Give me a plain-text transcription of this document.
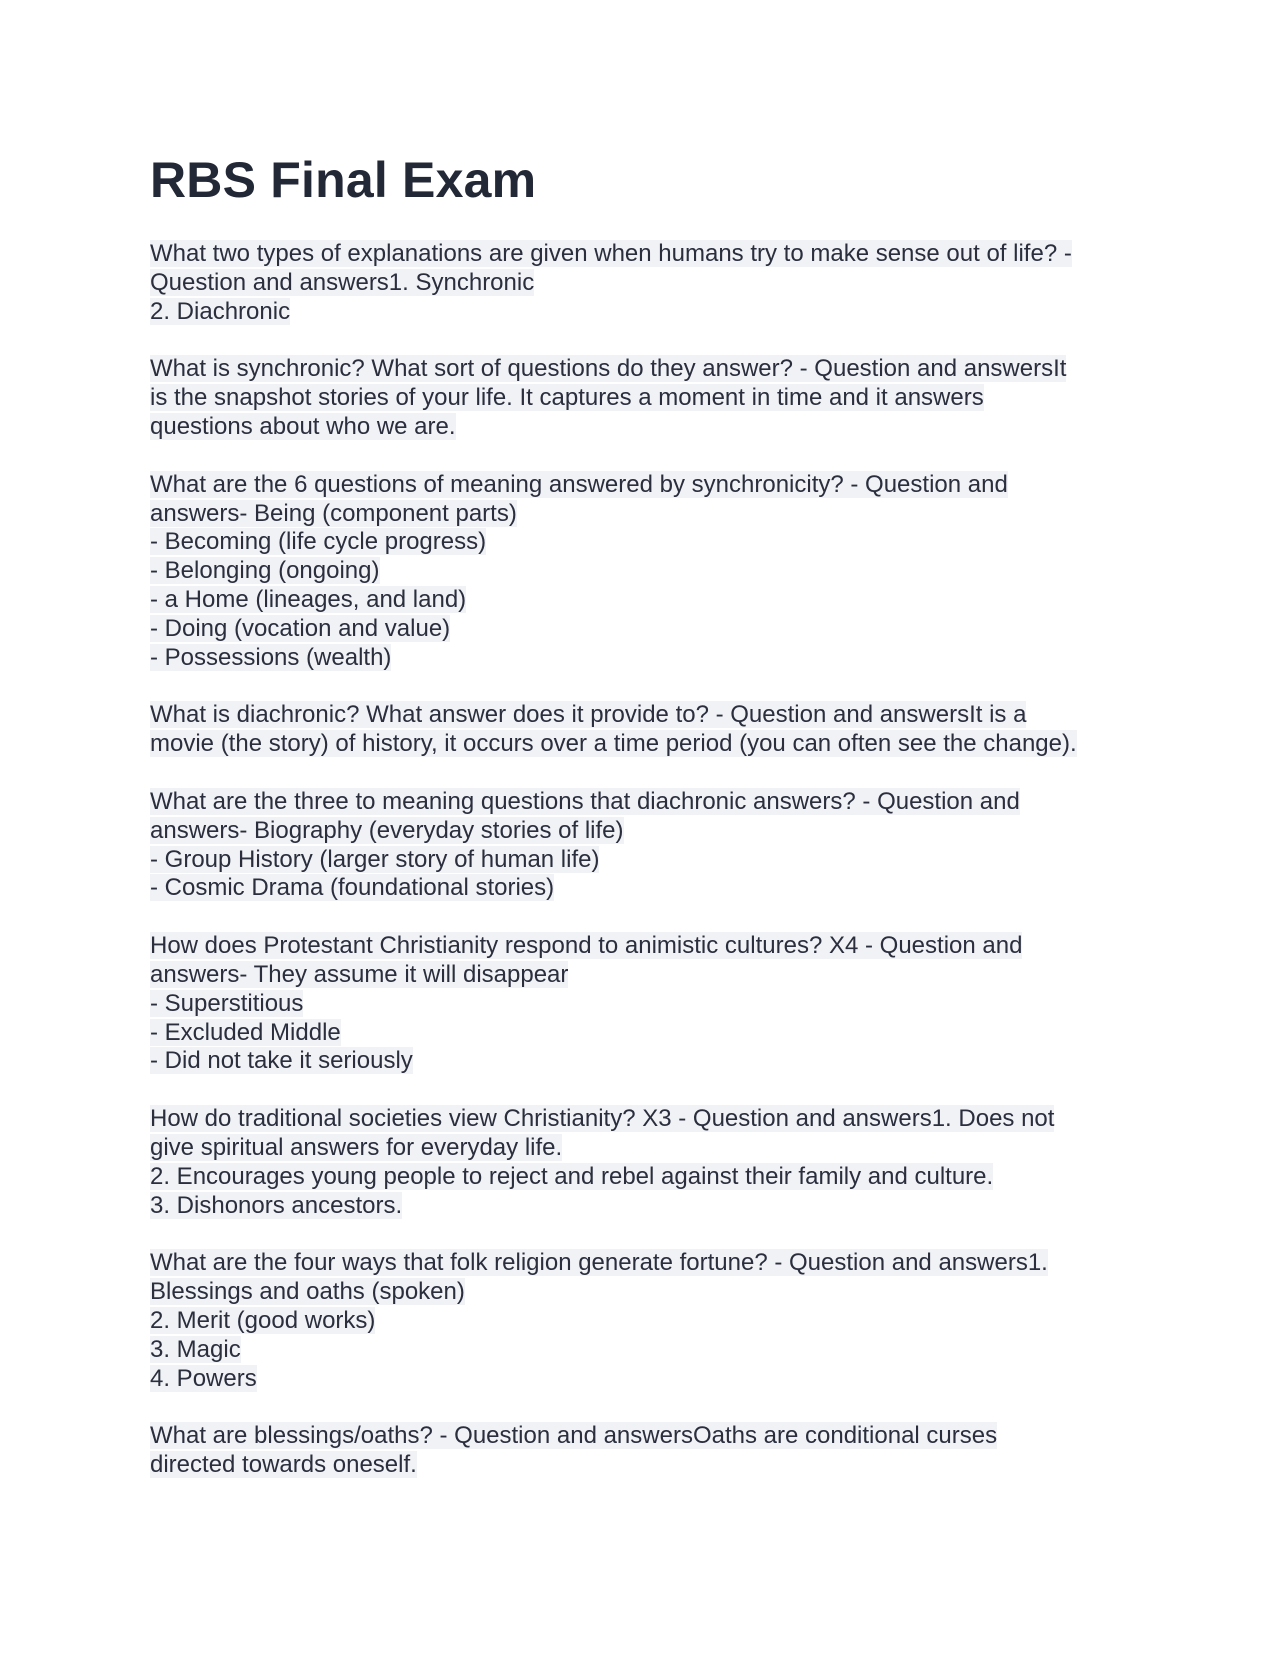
RBS Final Exam
What two types of explanations are given when humans try to make sense out of life? -
Question and answers1. Synchronic
2. Diachronic
What is synchronic? What sort of questions do they answer? - Question and answersIt
is the snapshot stories of your life. It captures a moment in time and it answers
questions about who we are.
What are the 6 questions of meaning answered by synchronicity? - Question and
answers- Being (component parts)
- Becoming (life cycle progress)
- Belonging (ongoing)
- a Home (lineages, and land)
- Doing (vocation and value)
- Possessions (wealth)
What is diachronic? What answer does it provide to? - Question and answersIt is a
movie (the story) of history, it occurs over a time period (you can often see the change).
What are the three to meaning questions that diachronic answers? - Question and
answers- Biography (everyday stories of life)
- Group History (larger story of human life)
- Cosmic Drama (foundational stories)
How does Protestant Christianity respond to animistic cultures? X4 - Question and
answers- They assume it will disappear
- Superstitious
- Excluded Middle
- Did not take it seriously
How do traditional societies view Christianity? X3 - Question and answers1. Does not
give spiritual answers for everyday life.
2. Encourages young people to reject and rebel against their family and culture.
3. Dishonors ancestors.
What are the four ways that folk religion generate fortune? - Question and answers1.
Blessings and oaths (spoken)
2. Merit (good works)
3. Magic
4. Powers
What are blessings/oaths? - Question and answersOaths are conditional curses
directed towards oneself.
